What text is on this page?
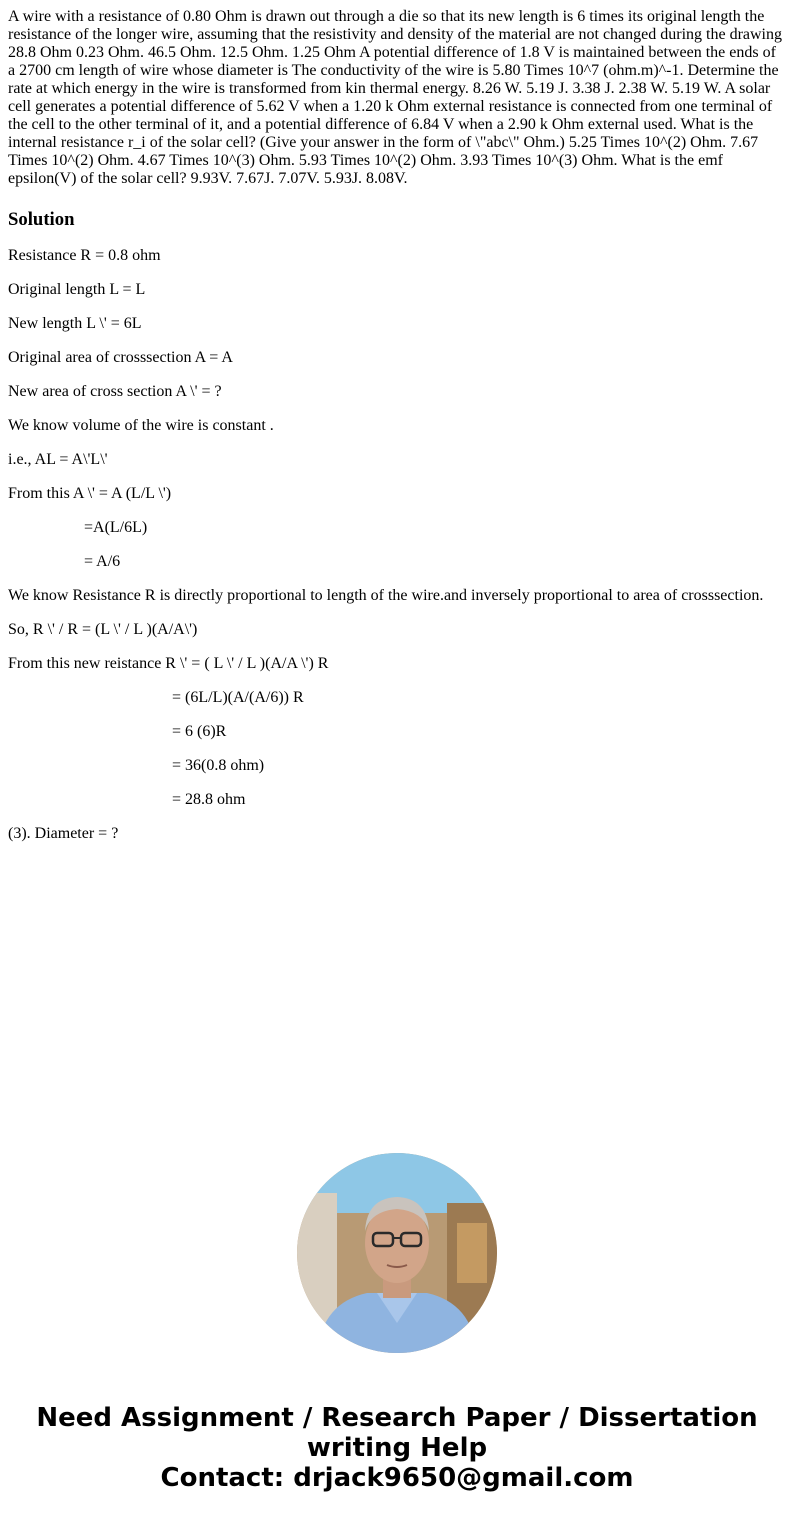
A wire with a resistance of 0.80 Ohm is drawn out through a die so that its new length is 6 times its original length the resistance of the longer wire, assuming that the resistivity and density of the material are not changed during the drawing 28.8 Ohm 0.23 Ohm. 46.5 Ohm. 12.5 Ohm. 1.25 Ohm A potential difference of 1.8 V is maintained between the ends of a 2700 cm length of wire whose diameter is The conductivity of the wire is 5.80 Times 10^7 (ohm.m)^-1. Determine the rate at which energy in the wire is transformed from kin thermal energy. 8.26 W. 5.19 J. 3.38 J. 2.38 W. 5.19 W. A solar cell generates a potential difference of 5.62 V when a 1.20 k Ohm external resistance is connected from one terminal of the cell to the other terminal of it, and a potential difference of 6.84 V when a 2.90 k Ohm external used. What is the internal resistance r_i of the solar cell? (Give your answer in the form of \"abc\" Ohm.) 5.25 Times 10^(2) Ohm. 7.67 Times 10^(2) Ohm. 4.67 Times 10^(3) Ohm. 5.93 Times 10^(2) Ohm. 3.93 Times 10^(3) Ohm. What is the emf epsilon(V) of the solar cell? 9.93V. 7.67J. 7.07V. 5.93J. 8.08V.

Solution

Resistance R = 0.8 ohm

Original length L = L

New length L \' = 6L

Original area of crosssection A = A

New area of cross section A \' = ?

We know volume of the wire is constant .

i.e., AL = A\'L\'

From this A \' = A (L/L \')

=A(L/6L)

= A/6

We know Resistance R is directly proportional to length of the wire.and inversely proportional to area of crosssection.

So, R \' / R = (L \' / L )(A/A\')

From this new reistance R \' = ( L \' / L )(A/A \') R

= (6L/L)(A/(A/6)) R

= 6 (6)R

= 36(0.8 ohm)

= 28.8 ohm

(3). Diameter = ?

Need Assignment / Research Paper / Dissertation
writing Help
Contact: drjack9650@gmail.com
